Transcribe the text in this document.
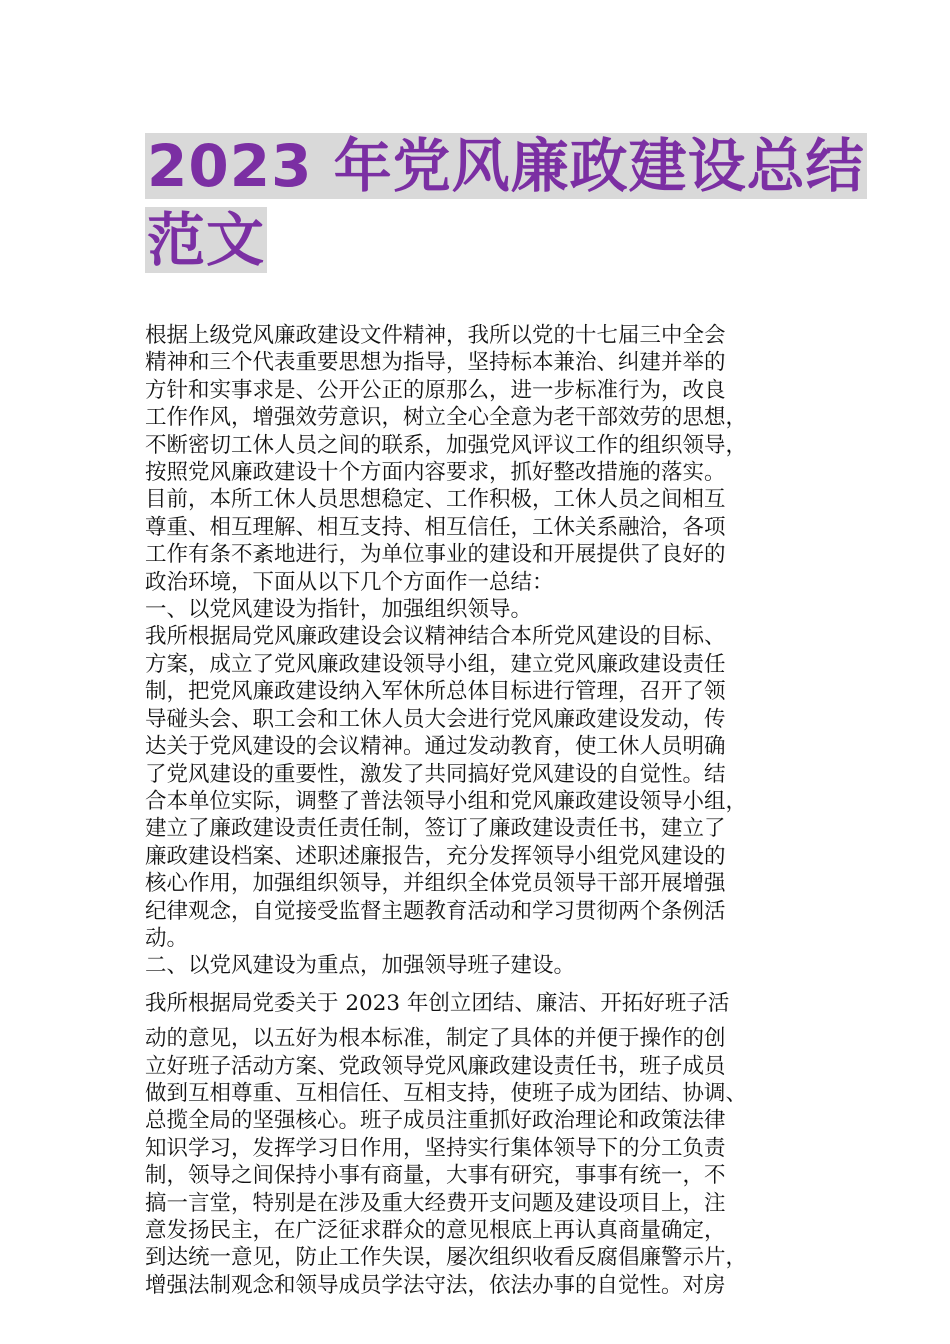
2023 年党风廉政建设总结
范文

根据上级党风廉政建设文件精神，我所以党的十七届三中全会

精神和三个代表重要思想为指导，坚持标本兼治、纠建并举的

方针和实事求是、公开公正的原那么，进一步标准行为，改良

工作作风，增强效劳意识，树立全心全意为老干部效劳的思想，

不断密切工休人员之间的联系，加强党风评议工作的组织领导，

按照党风廉政建设十个方面内容要求，抓好整改措施的落实。

目前，本所工休人员思想稳定、工作积极，工休人员之间相互

尊重、相互理解、相互支持、相互信任，工休关系融洽，各项

工作有条不紊地进行，为单位事业的建设和开展提供了良好的

政治环境，下面从以下几个方面作一总结：

一、以党风建设为指针，加强组织领导。

我所根据局党风廉政建设会议精神结合本所党风建设的目标、

方案，成立了党风廉政建设领导小组，建立党风廉政建设责任

制，把党风廉政建设纳入军休所总体目标进行管理，召开了领

导碰头会、职工会和工休人员大会进行党风廉政建设发动，传

达关于党风建设的会议精神。通过发动教育，使工休人员明确

了党风建设的重要性，激发了共同搞好党风建设的自觉性。结

合本单位实际，调整了普法领导小组和党风廉政建设领导小组，

建立了廉政建设责任责任制，签订了廉政建设责任书，建立了

廉政建设档案、述职述廉报告，充分发挥领导小组党风建设的

核心作用，加强组织领导，并组织全体党员领导干部开展增强

纪律观念，自觉接受监督主题教育活动和学习贯彻两个条例活

动。

二、以党风建设为重点，加强领导班子建设。

我所根据局党委关于 2023 年创立团结、廉洁、开拓好班子活

动的意见，以五好为根本标准，制定了具体的并便于操作的创

立好班子活动方案、党政领导党风廉政建设责任书，班子成员

做到互相尊重、互相信任、互相支持，使班子成为团结、协调、

总揽全局的坚强核心。班子成员注重抓好政治理论和政策法律

知识学习，发挥学习日作用，坚持实行集体领导下的分工负责

制，领导之间保持小事有商量，大事有研究，事事有统一，不

搞一言堂，特别是在涉及重大经费开支问题及建设项目上，注

意发扬民主，在广泛征求群众的意见根底上再认真商量确定，

到达统一意见，防止工作失误，屡次组织收看反腐倡廉警示片，

增强法制观念和领导成员学法守法，依法办事的自觉性。对房
